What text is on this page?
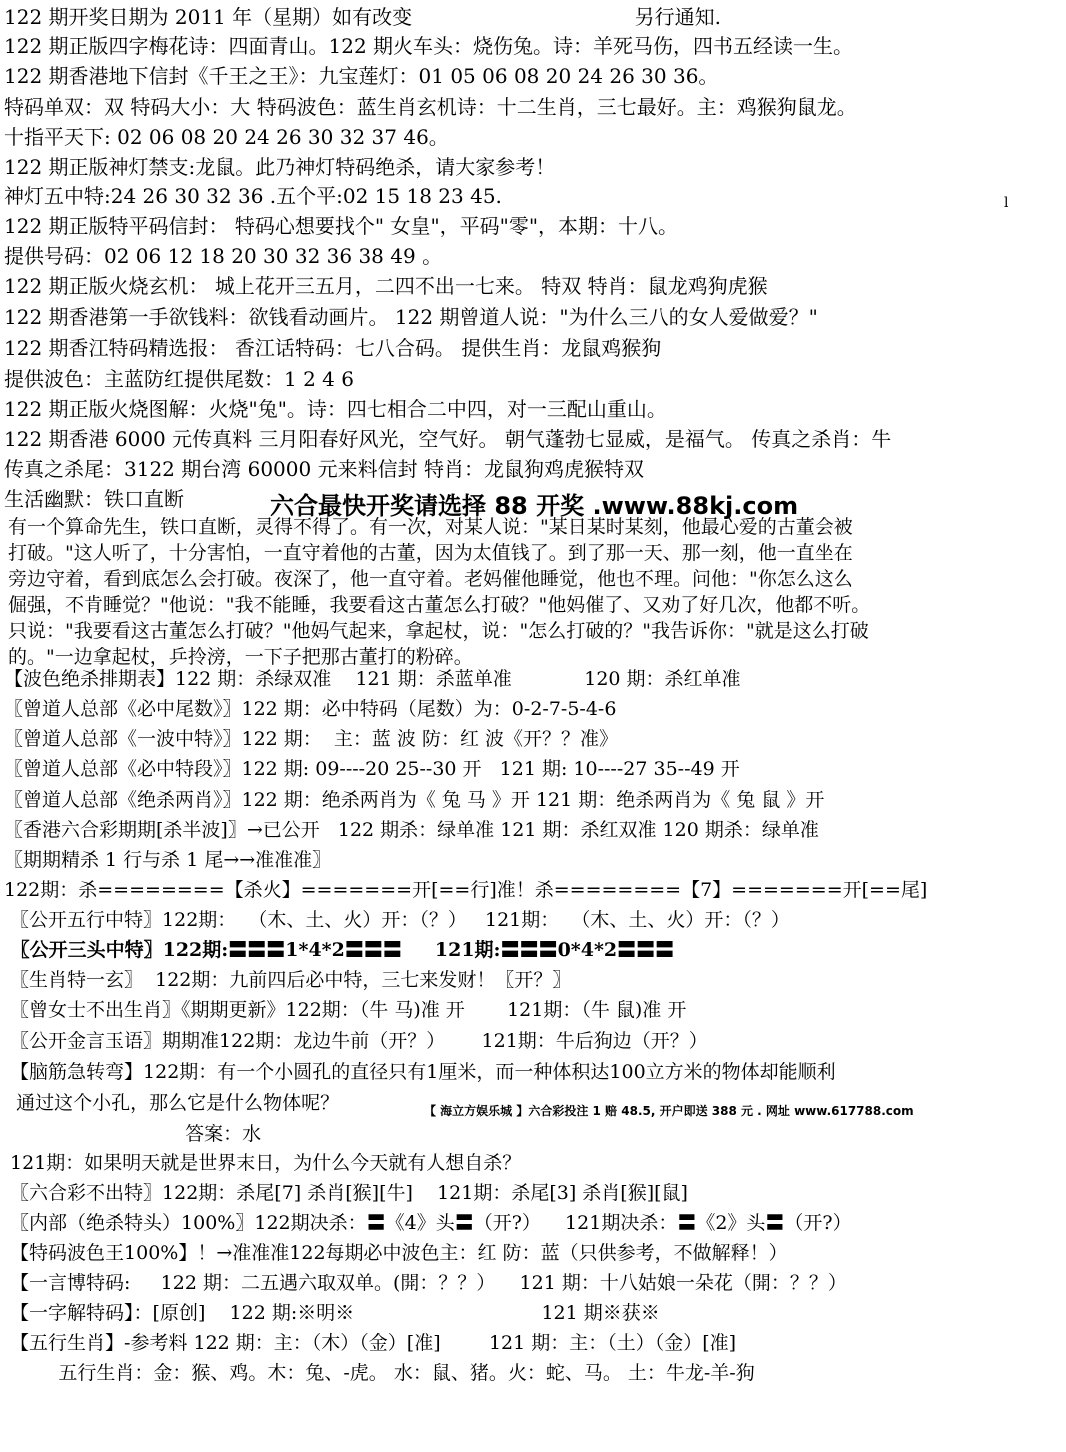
122 期开奖日期为 2011 年（星期）如有改变                                   另行通知.
122 期正版四字梅花诗：四面青山。122 期火车头：烧伤兔。诗：羊死马伤，四书五经读一生。
122 期香港地下信封《千王之王》：九宝莲灯：01 05 06 08 20 24 26 30 36。
特码单双：双 特码大小：大 特码波色：蓝生肖玄机诗：十二生肖，三七最好。主：鸡猴狗鼠龙。
十指平天下: 02 06 08 20 24 26 30 32 37 46。
122 期正版神灯禁支:龙鼠。此乃神灯特码绝杀，请大家参考！
神灯五中特:24 26 30 32 36 .五个平:02 15 18 23 45.
122 期正版特平码信封： 特码心想要找个" 女皇"，平码"零"，本期：十八。
提供号码：02 06 12 18 20 30 32 36 38 49 。
122 期正版火烧玄机： 城上花开三五月，二四不出一七来。 特双 特肖：鼠龙鸡狗虎猴
122 期香港第一手欲钱料：欲钱看动画片。 122 期曾道人说："为什么三八的女人爱做爱？"
122 期香江特码精选报： 香江话特码：七八合码。 提供生肖：龙鼠鸡猴狗
提供波色：主蓝防红提供尾数：1 2 4 6
122 期正版火烧图解：火烧"兔"。诗：四七相合二中四，对一三配山重山。
122 期香港 6000 元传真料 三月阳春好风光，空气好。 朝气蓬勃七显威，是福气。 传真之杀肖：牛
传真之杀尾：3122 期台湾 60000 元来料信封 特肖：龙鼠狗鸡虎猴特双
生活幽默：铁口直断
l
六合最快开奖请选择 88 开奖 .www.88kj.com

有一个算命先生，铁口直断，灵得不得了。有一次，对某人说："某日某时某刻，他最心爱的古董会被

打破。"这人听了，十分害怕，一直守着他的古董，因为太值钱了。到了那一天、那一刻，他一直坐在

旁边守着，看到底怎么会打破。夜深了，他一直守着。老妈催他睡觉，他也不理。问他："你怎么这么

倔强，不肯睡觉？"他说："我不能睡，我要看这古董怎么打破？"他妈催了、又劝了好几次，他都不听。

只说："我要看这古董怎么打破？"他妈气起来，拿起杖，说："怎么打破的？"我告诉你："就是这么打破

的。"一边拿起杖，乒拎滂，一下子把那古董打的粉碎。

【波色绝杀排期表】122 期：杀绿双准    121 期：杀蓝单准            120 期：杀红单准
〖曾道人总部《必中尾数》〗122 期：必中特码（尾数）为：0-2-7-5-4-6
〖曾道人总部《一波中特》〗122 期：  主：蓝 波 防：红 波《开？？准》
〖曾道人总部《必中特段》〗122 期: 09----20 25--30 开   121 期: 10----27 35--49 开
〖曾道人总部《绝杀两肖》〗122 期：绝杀两肖为《 兔 马 》开 121 期：绝杀两肖为《 兔 鼠 》开
〖香港六合彩期期[杀半波]〗→已公开   122 期杀：绿单准 121 期：杀红双准 120 期杀：绿单准
〖期期精杀 1 行与杀 1 尾→→准准准〗
122期：杀========【杀火】=======开[==行]准！杀========【7】=======开[==尾]
〖公开五行中特〗122期：  （木、土、火）开：（？）   121期：  （木、土、火）开：（？）
〖公开三头中特〗122期:〓〓〓1*4*2〓〓〓     121期:〓〓〓0*4*2〓〓〓
〖生肖特一玄〗  122期：九前四后必中特，三七来发财！〖开？〗
〖曾女士不出生肖〗《期期更新》122期：（牛 马)准 开       121期：（牛 鼠)准 开
〖公开金言玉语〗期期准122期：龙边牛前（开？）      121期：牛后狗边（开？）
【脑筋急转弯】122期：有一个小圆孔的直径只有1厘米，而一种体积达100立方米的物体却能顺利
通过这个小孔，那么它是什么物体呢？
答案：水
121期：如果明天就是世界末日，为什么今天就有人想自杀？
〖六合彩不出特〗122期：杀尾[7] 杀肖[猴][牛]    121期：杀尾[3] 杀肖[猴][鼠]
〖内部（绝杀特头）100%〗122期决杀：〓《4》头〓（开?）    121期决杀：〓《2》头〓（开?）
【特码波色王100%】！→准准准122每期必中波色主：红 防：蓝（只供参考，不做解释！）
【一言博特码:     122 期：二五遇六取双单。(開：？？）    121 期：十八姑娘一朵花（開：？？）
【一字解特码】：[原创]    122 期:※明※                               121 期※获※
【五行生肖】-参考料 122 期：主：（木）（金）[准]        121 期：主：（土）（金）[准]
五行生肖：金：猴、鸡。木：兔、-虎。 水：鼠、猪。火：蛇、马。 土：牛龙-羊-狗
【 海立方娱乐城 】六合彩投注 1 赔 48.5, 开户即送 388 元 . 网址 www.617788.com
